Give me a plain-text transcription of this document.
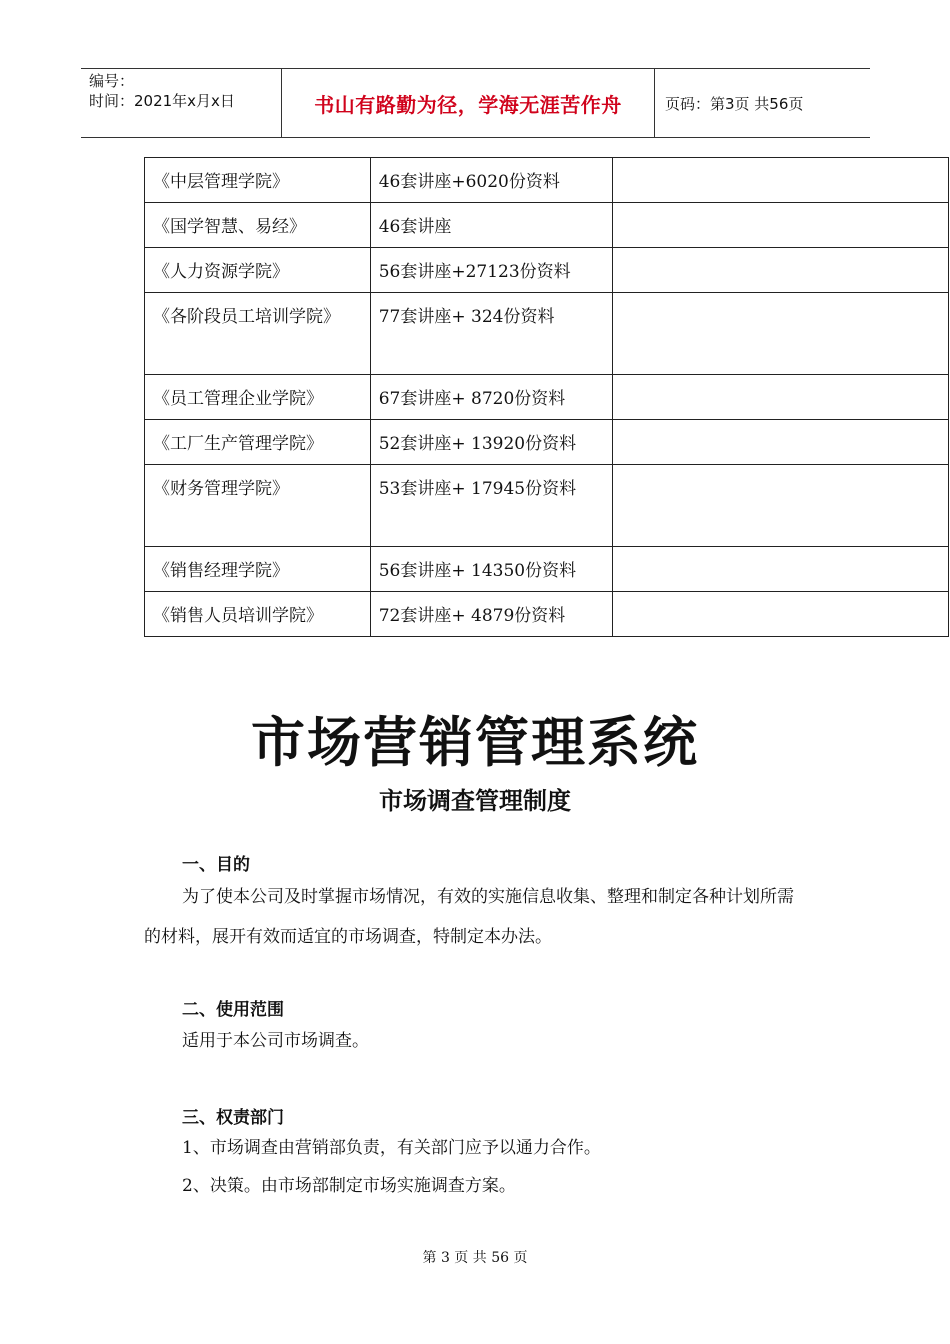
编号：
时间：2021年x月x日	书山有路勤为径，学海无涯苦作舟	页码：第3页 共56页
《中层管理学院》	46套讲座+6020份资料	

《国学智慧、易经》	46套讲座	

《人力资源学院》	56套讲座+27123份资料	

《各阶段员工培训学院》	77套讲座+ 324份资料	

《员工管理企业学院》	67套讲座+ 8720份资料	

《工厂生产管理学院》	52套讲座+ 13920份资料	

《财务管理学院》	53套讲座+ 17945份资料	

《销售经理学院》	56套讲座+ 14350份资料	

《销售人员培训学院》	72套讲座+ 4879份资料	

市场营销管理系统
市场调查管理制度
一、目的
为了使本公司及时掌握市场情况，有效的实施信息收集、整理和制定各种计划所需的材料，展开有效而适宜的市场调查，特制定本办法。
二、使用范围
适用于本公司市场调查。
三、权责部门
1、市场调查由营销部负责，有关部门应予以通力合作。
2、决策。由市场部制定市场实施调查方案。
第 3 页 共 56 页
